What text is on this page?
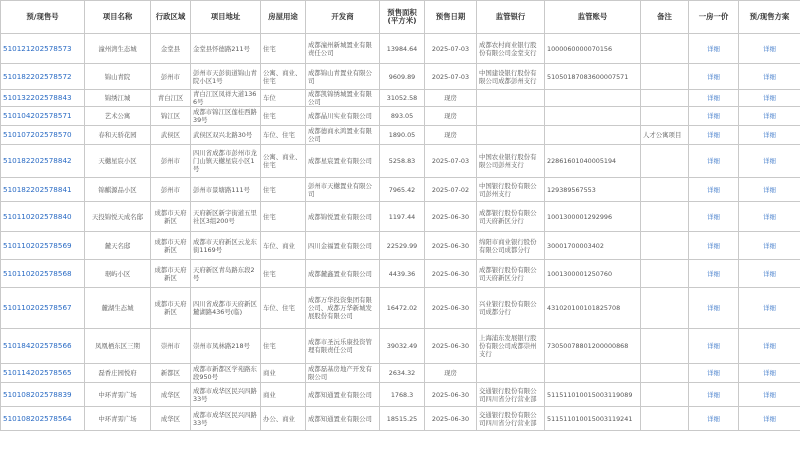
预/现售号	项目名称	行政区域	项目地址	房屋用途	开发商	预售面积
(平方米)	预售日期	监管银行	监管账号	备注	一房一价	预/现售方案
510121202578573	潼州湾生态城	金堂县	金堂县怀德路211号	住宅	成都潼州新城置业有限责任公司	13984.64	2025-07-03	成都农村商业银行股份有限公司金堂支行	1000060000070156		详细	详细
510182202578572	锦山青院	彭州市	彭州市天彭街道锦山青院小区1号	公寓、商业、住宅	成都锦山青置业有限公司	9609.89	2025-07-03	中国建设银行股份有限公司成都彭州支行	51050187083600007571		详细	详细
510132202578843	锦绣江城	青白江区	青白江区凤祥大道1366号	车位	成都凯锦绣城置业有限公司	31052.58	现房				详细	详细
510104202578571	艺术公寓	锦江区	成都市锦江区莲桂西路39号	住宅	成都晶川实业有限公司	893.05	现房				详细	详细
510107202578570	春和天骄花园	武侯区	武侯区双兴北路30号	车位、住宅	成都德商永鸿置业有限公司	1890.05	现房			人才公寓项目	详细	详细
510182202578842	天樾星宸小区	彭州市	四川省成都市彭州市龙门山镇天樾星宸小区1号	公寓、商业、住宅	成都星宸置业有限公司	5258.83	2025-07-03	中国农业银行股份有限公司彭州支行	22861601040005194		详细	详细
510182202578841	锦麒源品小区	彭州市	彭州市景塘路111号	住宅	彭州市天樾置业有限公司	7965.42	2025-07-02	中国银行股份有限公司彭州支行	129389567553		详细	详细
510110202578840	天投锦悦天成名邸	成都市天府新区	天府新区新宇街道五里社区3组200号	住宅	成都锦悦置业有限公司	1197.44	2025-06-30	成都银行股份有限公司天府新区分行	1001300001292996		详细	详细
510110202578569	麓天名邸	成都市天府新区	成都市天府新区云龙东街1169号	车位、商业	四川金福置业有限公司	22529.99	2025-06-30	绵阳市商业银行股份有限公司成都分行	30001700003402		详细	详细
510110202578568	琚屿小区	成都市天府新区	天府新区青岛路东段2号	住宅	成都麓鑫置业有限公司	4439.36	2025-06-30	成都银行股份有限公司天府新区分行	1001300001250760		详细	详细
510110202578567	麓湖生态城	成都市天府新区	四川省成都市天府新区麓湖路436号(临)	车位、住宅	成都万华投资集团有限公司、成都万华新城发展股份有限公司	16472.02	2025-06-30	兴业银行股份有限公司成都分行	431020100101825708		详细	详细
510184202578566	凤凰栖东区三期	崇州市	崇州市凤林路218号	住宅	成都市圣沅乐康投资管理有限责任公司	39032.49	2025-06-30	上海浦东发展银行股份有限公司成都崇州支行	73050078801200000868		详细	详细
510114202578565	磊香庄园悦府	新都区	成都市新都区学苑路东段950号	商业	成都磊基房地产开发有限公司	2634.32	现房				详细	详细
510108202578839	中环青雱广场	成华区	成都市成华区民兴四路33号	商业	成都知通置业有限公司	1768.3	2025-06-30	交通银行股份有限公司四川省分行营业部	511511010015003119089		详细	详细
510108202578564	中环青雱广场	成华区	成都市成华区民兴四路33号	办公、商业	成都知通置业有限公司	18515.25	2025-06-30	交通银行股份有限公司四川省分行营业部	511511010015003119241		详细	详细
